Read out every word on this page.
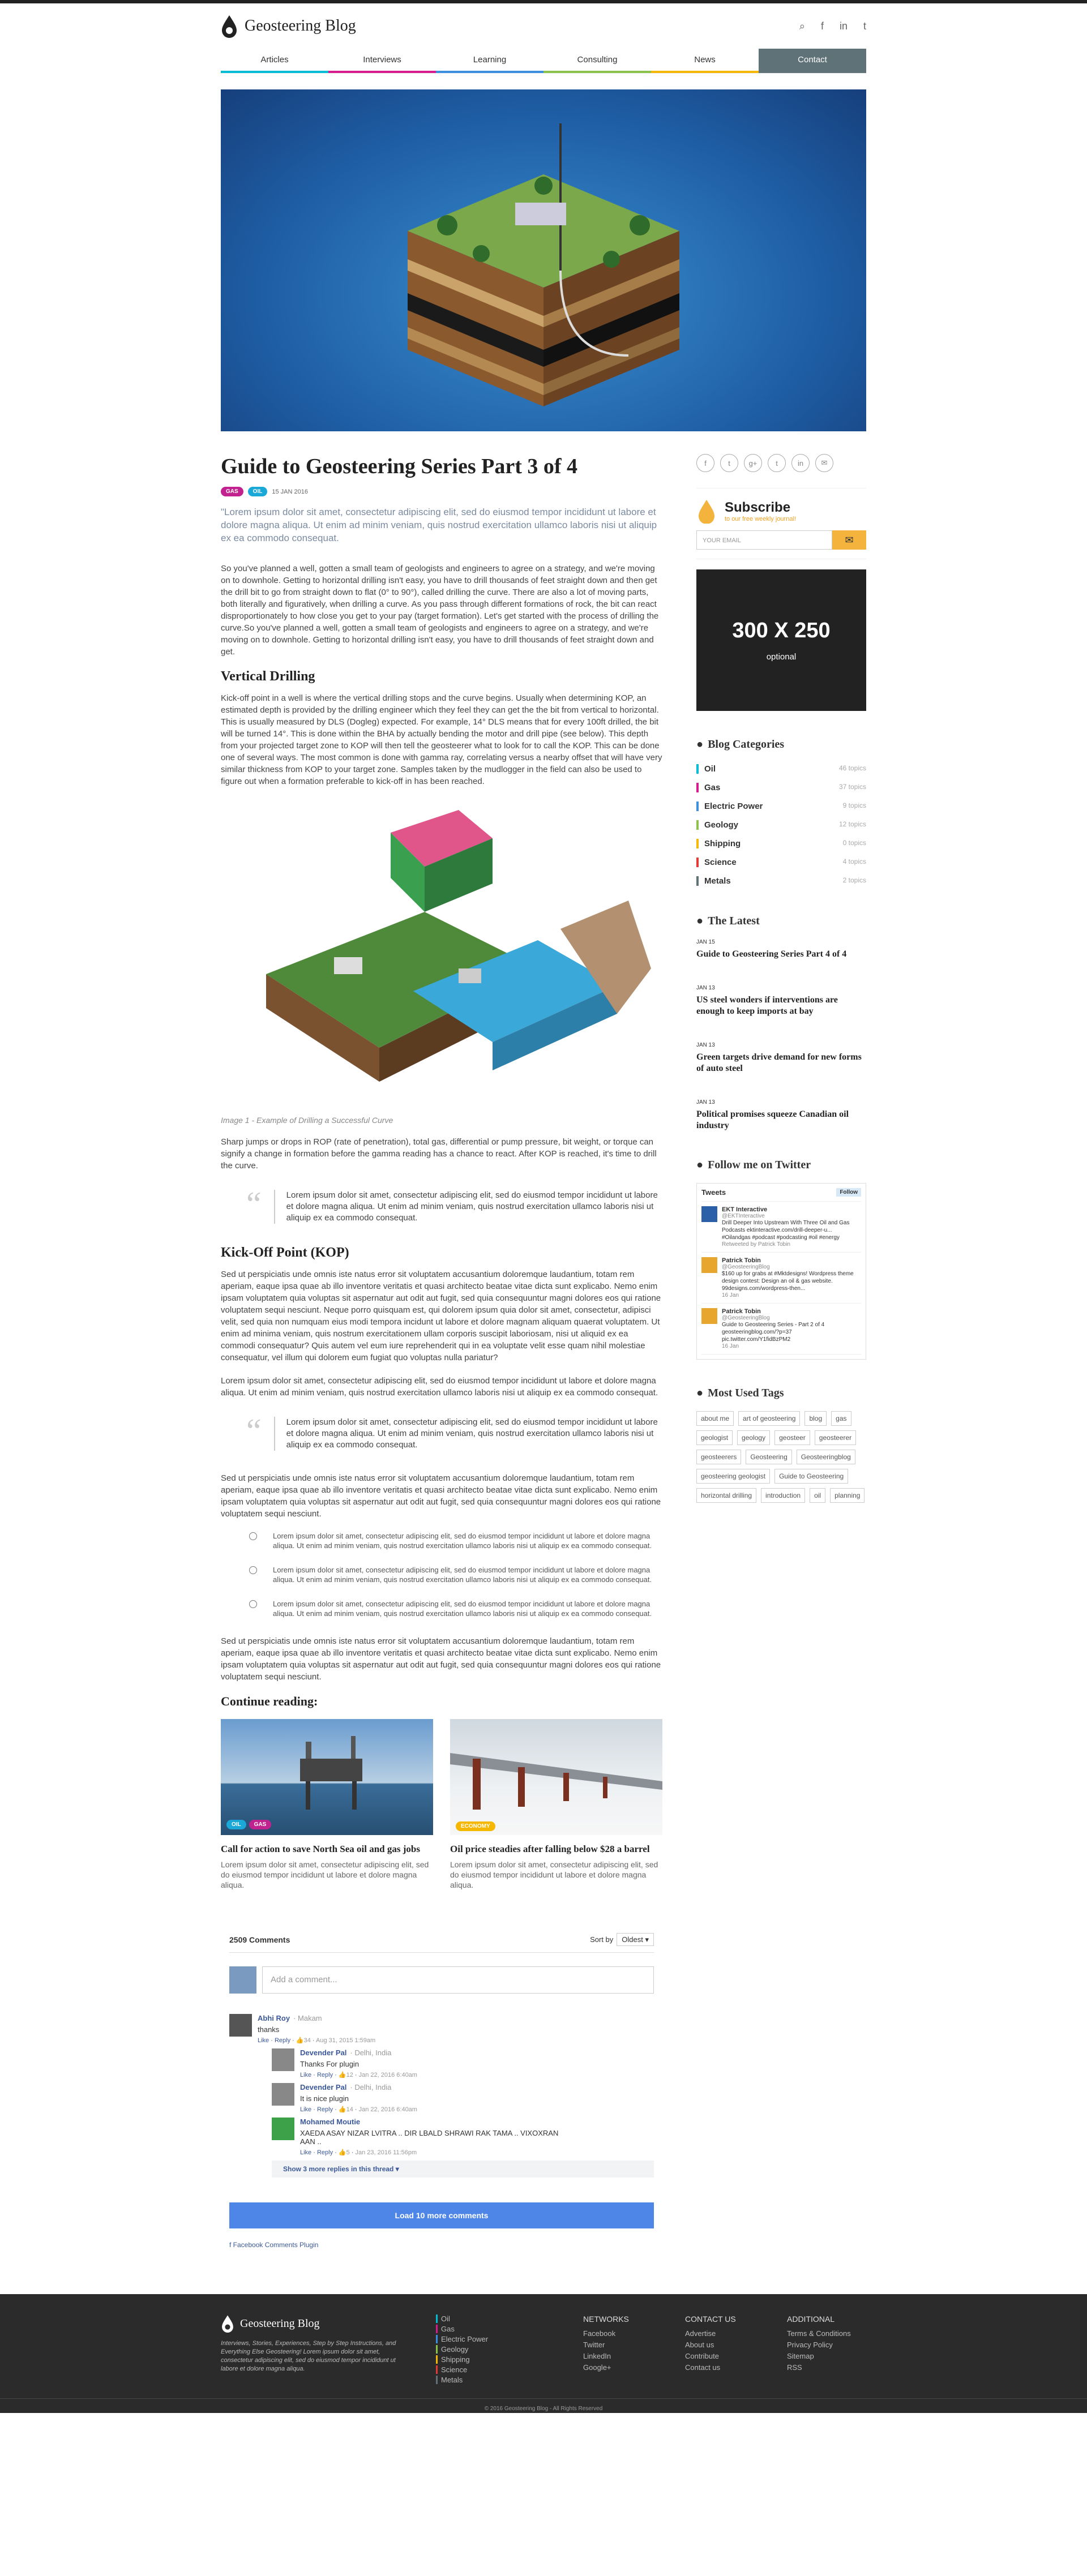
Geosteering Blog	⌕ f in t
Articles	Interviews	Learning	Consulting	News	Contact
Guide to Geosteering Series Part 3 of 4
GAS	OIL	15 JAN 2016
"Lorem ipsum dolor sit amet, consectetur adipiscing elit, sed do eiusmod tempor incididunt ut labore et dolore magna aliqua. Ut enim ad minim veniam, quis nostrud exercitation ullamco laboris nisi ut aliquip ex ea commodo consequat.

So you've planned a well, gotten a small team of geologists and engineers to agree on a strategy, and we're moving on to downhole. Getting to horizontal drilling isn't easy, you have to drill thousands of feet straight down and then get the drill bit to go from straight down to flat (0° to 90°), called drilling the curve. There are also a lot of moving parts, both literally and figuratively, when drilling a curve. As you pass through different formations of rock, the bit can react disproportionately to how close you get to your pay (target formation). Let's get started with the process of drilling the curve.So you've planned a well, gotten a small team of geologists and engineers to agree on a strategy, and we're moving on to downhole. Getting to horizontal drilling isn't easy, you have to drill thousands of feet straight down and get.

Vertical Drilling

Kick-off point in a well is where the vertical drilling stops and the curve begins. Usually when determining KOP, an estimated depth is provided by the drilling engineer which they feel they can get the the bit from vertical to horizontal. This is usually measured by DLS (Dogleg) expected. For example, 14° DLS means that for every 100ft drilled, the bit will be turned 14°. This is done within the BHA by actually bending the motor and drill pipe (see below). This depth from your projected target zone to KOP will then tell the geosteerer what to look for to call the KOP. This can be done one of several ways. The most common is done with gamma ray, correlating versus a nearby offset that will have very similar thickness from KOP to your target zone. Samples taken by the mudlogger in the field can also be used to figure out when a formation preferable to kick-off in has been reached.

Image 1 - Example of Drilling a Successful Curve

Sharp jumps or drops in ROP (rate of penetration), total gas, differential or pump pressure, bit weight, or torque can signify a change in formation before the gamma reading has a chance to react. After KOP is reached, it's time to drill the curve.

“	Lorem ipsum dolor sit amet, consectetur adipiscing elit, sed do eiusmod tempor incididunt ut labore et dolore magna aliqua. Ut enim ad minim veniam, quis nostrud exercitation ullamco laboris nisi ut aliquip ex ea commodo consequat.
Kick-Off Point (KOP)

Sed ut perspiciatis unde omnis iste natus error sit voluptatem accusantium doloremque laudantium, totam rem aperiam, eaque ipsa quae ab illo inventore veritatis et quasi architecto beatae vitae dicta sunt explicabo. Nemo enim ipsam voluptatem quia voluptas sit aspernatur aut odit aut fugit, sed quia consequuntur magni dolores eos qui ratione voluptatem sequi nesciunt. Neque porro quisquam est, qui dolorem ipsum quia dolor sit amet, consectetur, adipisci velit, sed quia non numquam eius modi tempora incidunt ut labore et dolore magnam aliquam quaerat voluptatem. Ut enim ad minima veniam, quis nostrum exercitationem ullam corporis suscipit laboriosam, nisi ut aliquid ex ea commodi consequatur? Quis autem vel eum iure reprehenderit qui in ea voluptate velit esse quam nihil molestiae consequatur, vel illum qui dolorem eum fugiat quo voluptas nulla pariatur?

Lorem ipsum dolor sit amet, consectetur adipiscing elit, sed do eiusmod tempor incididunt ut labore et dolore magna aliqua. Ut enim ad minim veniam, quis nostrud exercitation ullamco laboris nisi ut aliquip ex ea commodo consequat.

“	Lorem ipsum dolor sit amet, consectetur adipiscing elit, sed do eiusmod tempor incididunt ut labore et dolore magna aliqua. Ut enim ad minim veniam, quis nostrud exercitation ullamco laboris nisi ut aliquip ex ea commodo consequat.

Sed ut perspiciatis unde omnis iste natus error sit voluptatem accusantium doloremque laudantium, totam rem aperiam, eaque ipsa quae ab illo inventore veritatis et quasi architecto beatae vitae dicta sunt explicabo. Nemo enim ipsam voluptatem quia voluptas sit aspernatur aut odit aut fugit, sed quia consequuntur magni dolores eos qui ratione voluptatem sequi nesciunt.

Lorem ipsum dolor sit amet, consectetur adipiscing elit, sed do eiusmod tempor incididunt ut labore et dolore magna aliqua. Ut enim ad minim veniam, quis nostrud exercitation ullamco laboris nisi ut aliquip ex ea commodo consequat.
Lorem ipsum dolor sit amet, consectetur adipiscing elit, sed do eiusmod tempor incididunt ut labore et dolore magna aliqua. Ut enim ad minim veniam, quis nostrud exercitation ullamco laboris nisi ut aliquip ex ea commodo consequat.
Lorem ipsum dolor sit amet, consectetur adipiscing elit, sed do eiusmod tempor incididunt ut labore et dolore magna aliqua. Ut enim ad minim veniam, quis nostrud exercitation ullamco laboris nisi ut aliquip ex ea commodo consequat.

Sed ut perspiciatis unde omnis iste natus error sit voluptatem accusantium doloremque laudantium, totam rem aperiam, eaque ipsa quae ab illo inventore veritatis et quasi architecto beatae vitae dicta sunt explicabo. Nemo enim ipsam voluptatem quia voluptas sit aspernatur aut odit aut fugit, sed quia consequuntur magni dolores eos qui ratione voluptatem sequi nesciunt.

Continue reading:
OIL	GAS
Call for action to save North Sea oil and gas jobs

Lorem ipsum dolor sit amet, consectetur adipiscing elit, sed do eiusmod tempor incididunt ut labore et dolore magna aliqua.

ECONOMY
Oil price steadies after falling below $28 a barrel

Lorem ipsum dolor sit amet, consectetur adipiscing elit, sed do eiusmod tempor incididunt ut labore et dolore magna aliqua.

2509 Comments	Sort by Oldest ▾
Add a comment...
Abhi Roy · Makam
thanks
Like · Reply · 👍34 · Aug 31, 2015 1:59am
Devender Pal · Delhi, India
Thanks For plugin
Like · Reply · 👍12 · Jan 22, 2016 6:40am
Devender Pal · Delhi, India
It is nice plugin
Like · Reply · 👍14 · Jan 22, 2016 6:40am
Mohamed Moutie
XAEDA ASAY NIZAR LVITRA .. DIR LBALD SHRAWI RAK TAMA .. VIXOXRAN
AAN ..
Like · Reply · 👍5 · Jan 23, 2016 11:56pm
Show 3 more replies in this thread ▾
Load 10 more comments
f Facebook Comments Plugin
f	t	g+	t	in	✉
Subscribe
to our free weekly journal!
YOUR EMAIL	✉
300 X 250
optional
● Blog Categories
Oil	46 topics
Gas	37 topics
Electric Power	9 topics
Geology	12 topics
Shipping	0 topics
Science	4 topics
Metals	2 topics
● The Latest
JAN 15
Guide to Geosteering Series Part 4 of 4
JAN 13
US steel wonders if interventions are enough to keep imports at bay
JAN 13
Green targets drive demand for new forms of auto steel
JAN 13
Political promises squeeze Canadian oil industry
● Follow me on Twitter
Tweets	Follow
EKT Interactive
@EKTInteractive
Drill Deeper Into Upstream With Three Oil and Gas Podcasts ektinteractive.com/drill-deeper-u... #Oilandgas #podcast #podcasting #oil #energy
Retweeted by Patrick Tobin
Patrick Tobin
@GeosteeringBlog
$160 up for grabs at #Mktdesigns! Wordpress theme design contest: Design an oil & gas website. 99designs.com/wordpress-then...
16 Jan
Patrick Tobin
@GeosteeringBlog
Guide to Geosteering Series - Part 2 of 4 geosteeringblog.com/?p=37 pic.twitter.com/Y1fidBzPM2
16 Jan
● Most Used Tags
about me	art of geosteering	blog	gas
geologist	geology	geosteer	geosteerer
geosteerers	Geosteering	Geosteeringblog
geosteering geologist	Guide to Geosteering
horizontal drilling	introduction	oil	planning
Geosteering Blog
Interviews, Stories, Experiences, Step by Step Instructions, and Everything Else Geosteering! Lorem ipsum dolor sit amet, consectetur adipiscing elit, sed do eiusmod tempor incididunt ut labore et dolore magna aliqua.
Oil
Gas
Electric Power
Geology
Shipping
Science
Metals
NETWORKS
Facebook
Twitter
LinkedIn
Google+
CONTACT US
Advertise
About us
Contribute
Contact us
ADDITIONAL
Terms & Conditions
Privacy Policy
Sitemap
RSS
© 2016 Geosteering Blog - All Rights Reserved
